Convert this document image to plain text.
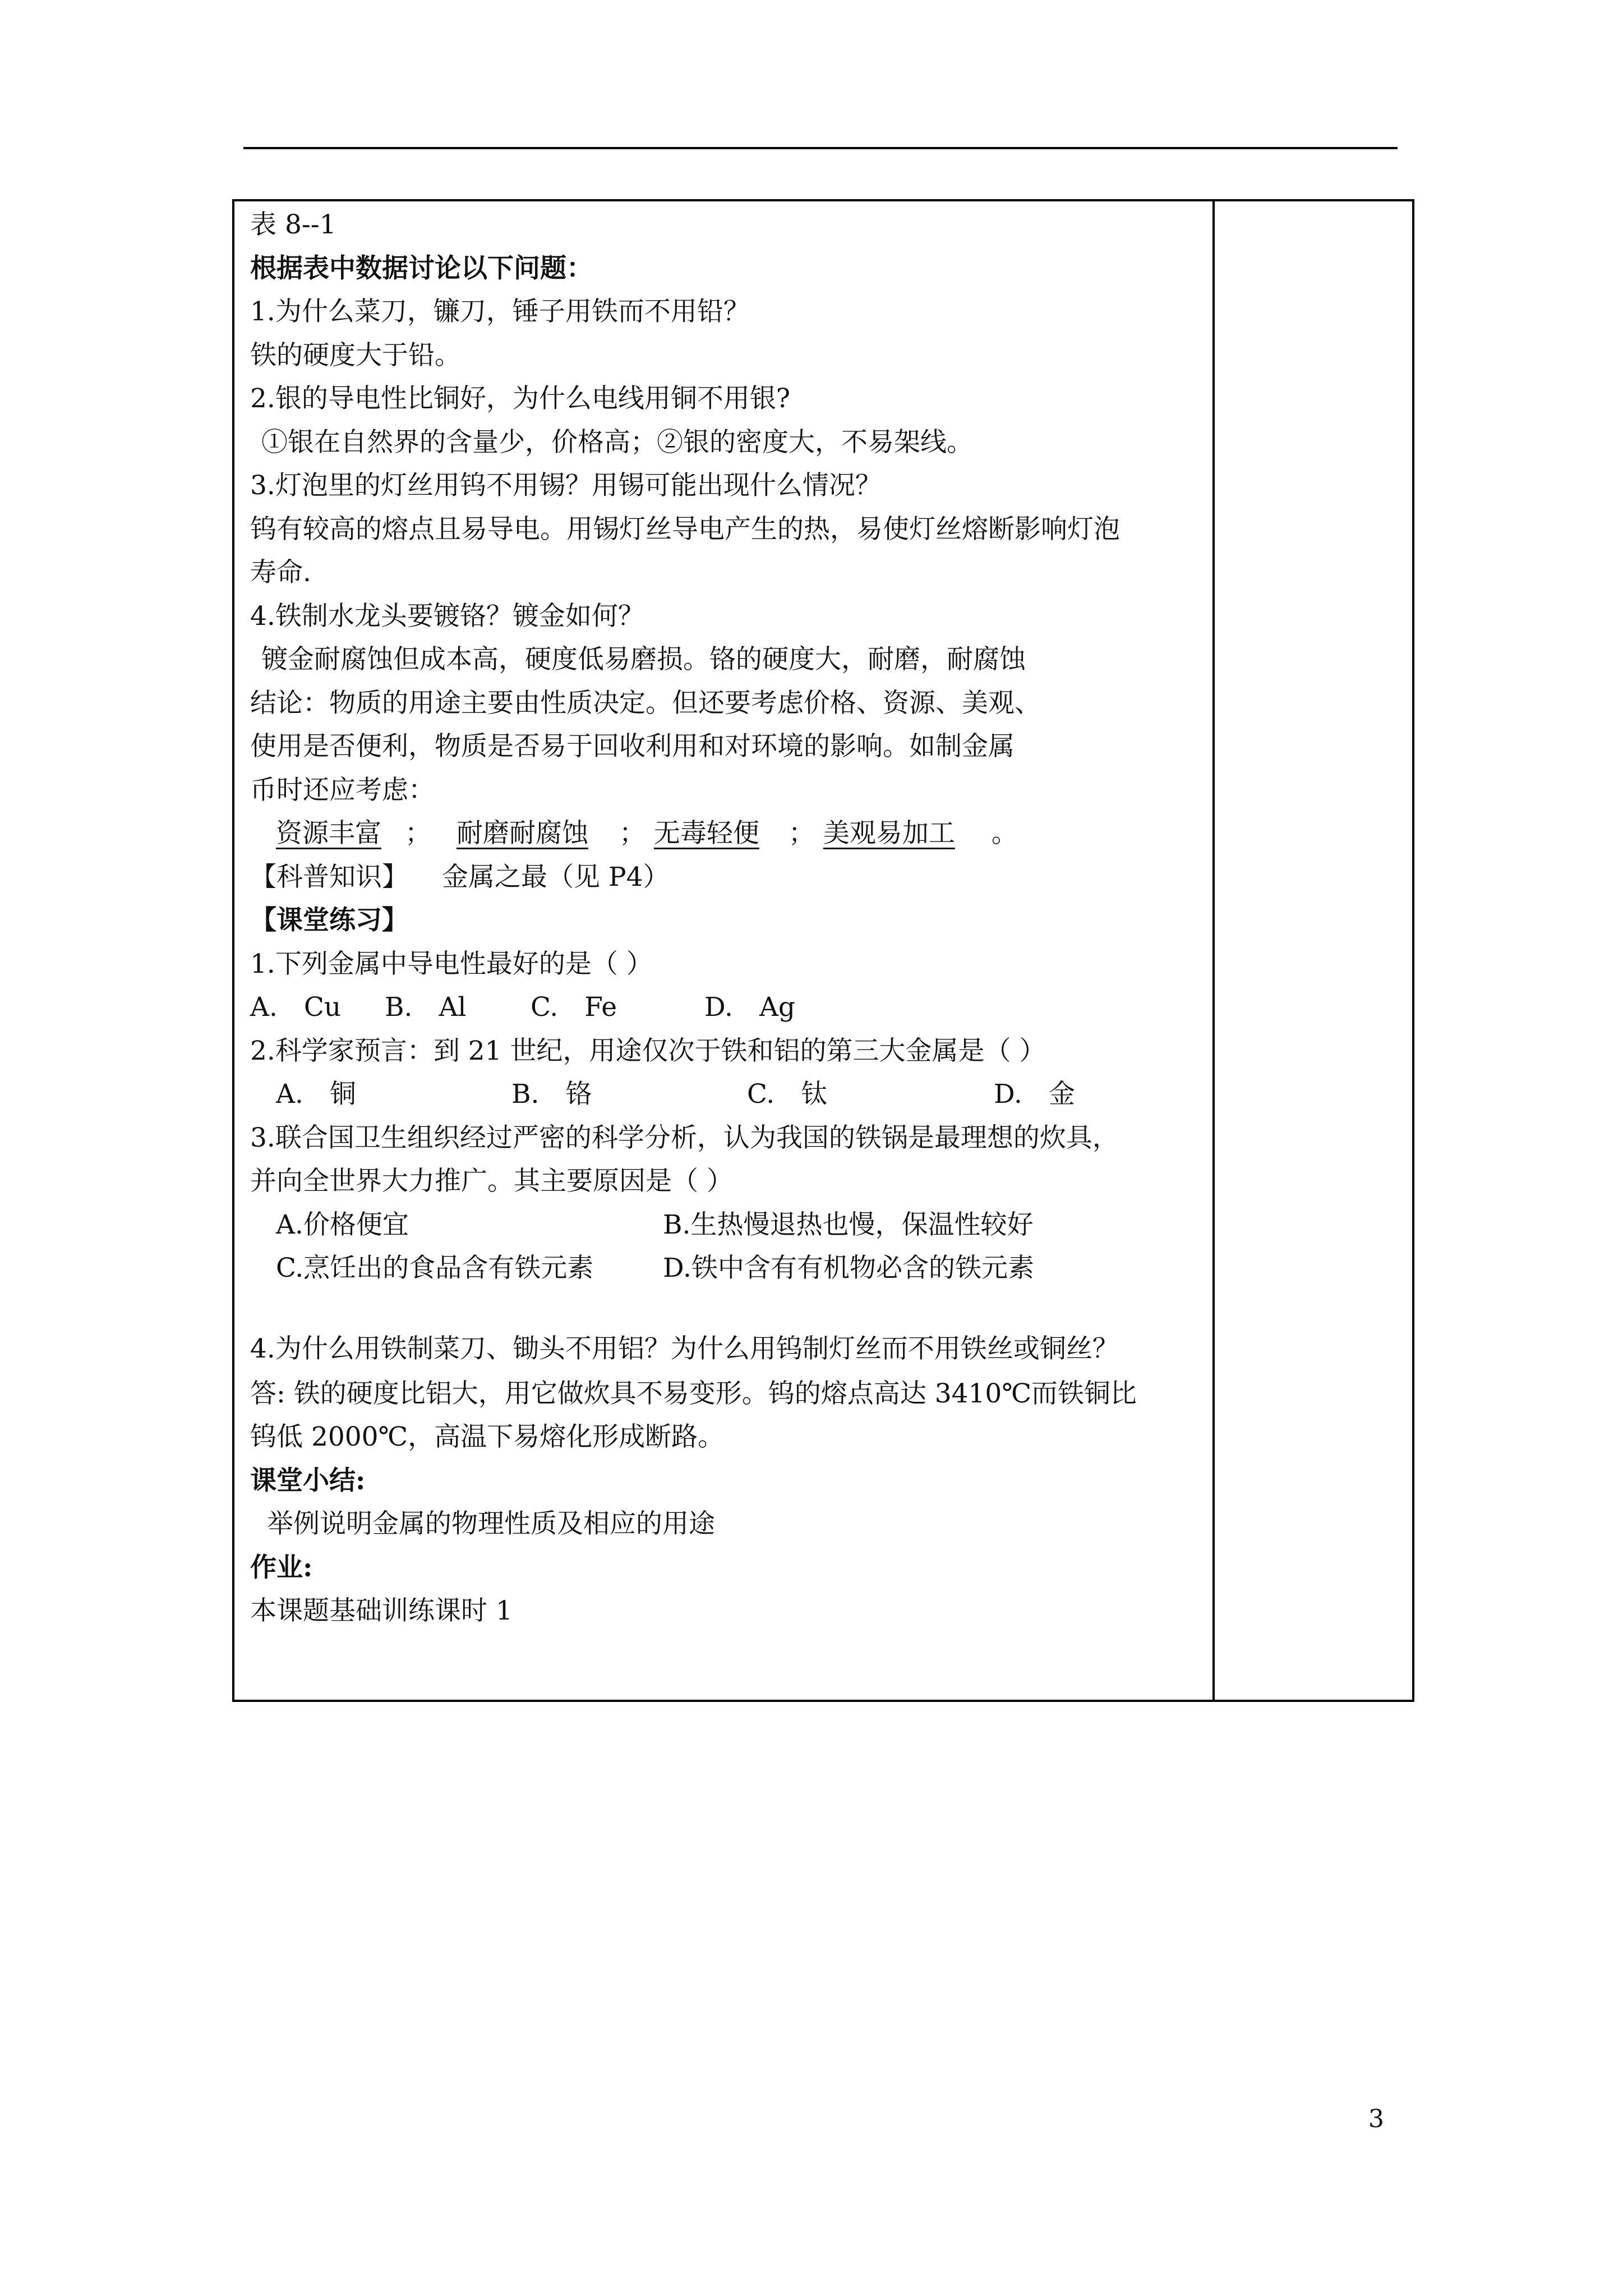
表 8--1
根据表中数据讨论以下问题：
1.为什么菜刀，镰刀，锤子用铁而不用铅？
铁的硬度大于铅。
2.银的导电性比铜好，为什么电线用铜不用银?
①银在自然界的含量少，价格高；②银的密度大，不易架线。
3.灯泡里的灯丝用钨不用锡？用锡可能出现什么情况？
钨有较高的熔点且易导电。用锡灯丝导电产生的热，易使灯丝熔断影响灯泡
寿命.
4.铁制水龙头要镀铬？镀金如何？
镀金耐腐蚀但成本高，硬度低易磨损。铬的硬度大，耐磨，耐腐蚀
结论：物质的用途主要由性质决定。但还要考虑价格、资源、美观、
使用是否便利，物质是否易于回收利用和对环境的影响。如制金属
币时还应考虑：
资源丰富 ； 耐磨耐腐蚀 ； 无毒轻便 ； 美观易加工 。
【科普知识】 金属之最（见 P4）
【课堂练习】
1.下列金属中导电性最好的是（ ）
A.　Cu B.　Al C.　Fe	D.　Ag
2.科学家预言：到 21 世纪，用途仅次于铁和铝的第三大金属是（ ）
A.　铜	B.　铬	C.　钛	D.　金
3.联合国卫生组织经过严密的科学分析，认为我国的铁锅是最理想的炊具，
并向全世界大力推广。其主要原因是（ ）
A.价格便宜	B.生热慢退热也慢，保温性较好
C.烹饪出的食品含有铁元素	D.铁中含有有机物必含的铁元素
4.为什么用铁制菜刀、锄头不用铝？为什么用钨制灯丝而不用铁丝或铜丝？
答: 铁的硬度比铝大，用它做炊具不易变形。钨的熔点高达 3410℃而铁铜比
钨低 2000℃，高温下易熔化形成断路。
课堂小结:
举例说明金属的物理性质及相应的用途
作业:
本课题基础训练课时 1
3
